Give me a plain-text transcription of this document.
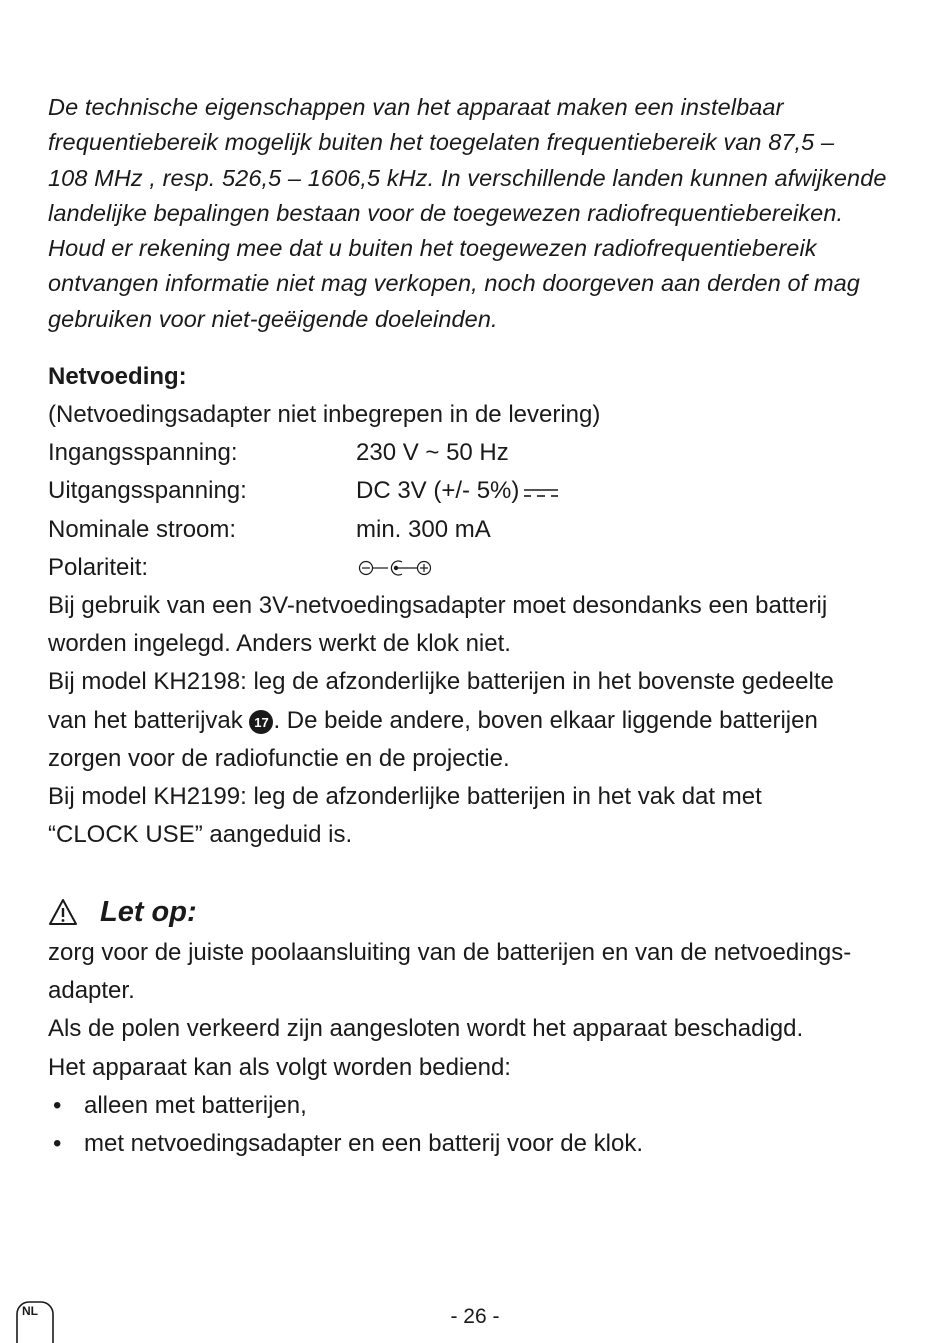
De technische eigenschappen van het apparaat maken een instelbaar
frequentiebereik mogelijk buiten het toegelaten frequentiebereik van 87,5 –
108 MHz , resp. 526,5 – 1606,5 kHz. In verschillende landen kunnen afwijkende
landelijke bepalingen bestaan voor de toegewezen radiofrequentiebereiken.
Houd er rekening mee dat u buiten het toegewezen radiofrequentiebereik
ontvangen informatie niet mag verkopen, noch doorgeven aan derden of mag
gebruiken voor niet-geëigende doeleinden.
Netvoeding:
(Netvoedingsadapter niet inbegrepen in de levering)
Ingangsspanning:	230 V ~ 50 Hz
Uitgangsspanning:	DC 3V (+/- 5%)
Nominale stroom:	min. 300 mA
Polariteit:
Bij gebruik van een 3V-netvoedingsadapter moet desondanks een batterij
worden ingelegd. Anders werkt de klok niet.
Bij model KH2198: leg de afzonderlijke batterijen in het bovenste gedeelte
van het batterijvak 17 . De beide andere, boven elkaar liggende batterijen
zorgen voor de radiofunctie en de projectie.
Bij model KH2199: leg de afzonderlijke batterijen in het vak dat met
“CLOCK USE” aangeduid is.
Let op:
zorg voor de juiste poolaansluiting van de batterijen en van de netvoedings-
adapter.
Als de polen verkeerd zijn aangesloten wordt het apparaat beschadigd.
Het apparaat kan als volgt worden bediend:
• alleen met batterijen,
• met netvoedingsadapter en een batterij voor de klok.
NL	- 26 -
